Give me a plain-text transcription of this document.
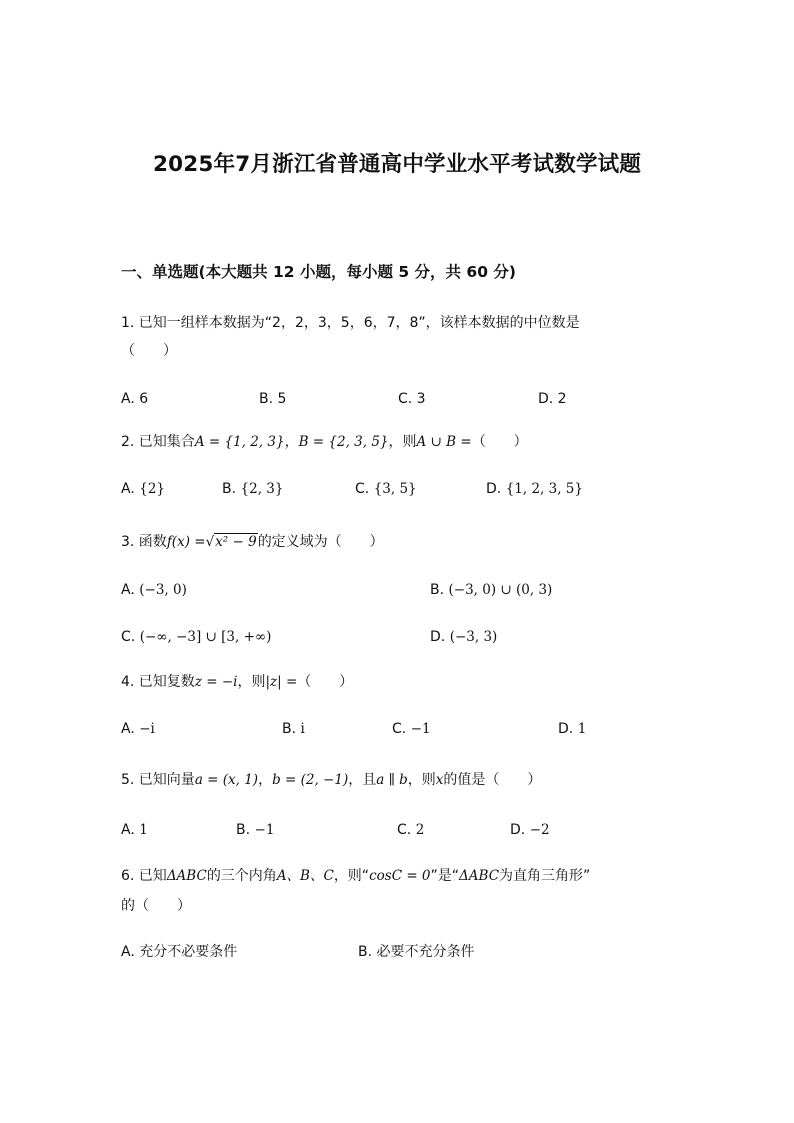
2025年7月浙江省普通高中学业水平考试数学试题
一、单选题(本大题共 12 小题，每小题 5 分，共 60 分)
1. 已知一组样本数据为“2，2，3，5，6，7，8”，该样本数据的中位数是
（　　）
A. 6	B. 5	C. 3	D. 2
2. 已知集合A = {1, 2, 3}，B = {2, 3, 5}，则A ∪ B =（　　）
A. {2}	B. {2, 3}	C. {3, 5}	D. {1, 2, 3, 5}
3. 函数f(x) =√x² − 9的定义域为（　　）
A. (−3, 0)	B. (−3, 0) ∪ (0, 3)
C. (−∞, −3] ∪ [3, +∞)	D. (−3, 3)
4. 已知复数z = −i，则|z| =（　　）
A. −i	B. i	C. −1	D. 1
5. 已知向量a = (x, 1)，b = (2, −1)，且a ∥ b，则x的值是（　　）
A. 1	B. −1	C. 2	D. −2
6. 已知ΔABC的三个内角A、B、C，则“cosC = 0”是“ΔABC为直角三角形”
的（　　）
A. 充分不必要条件	B. 必要不充分条件
